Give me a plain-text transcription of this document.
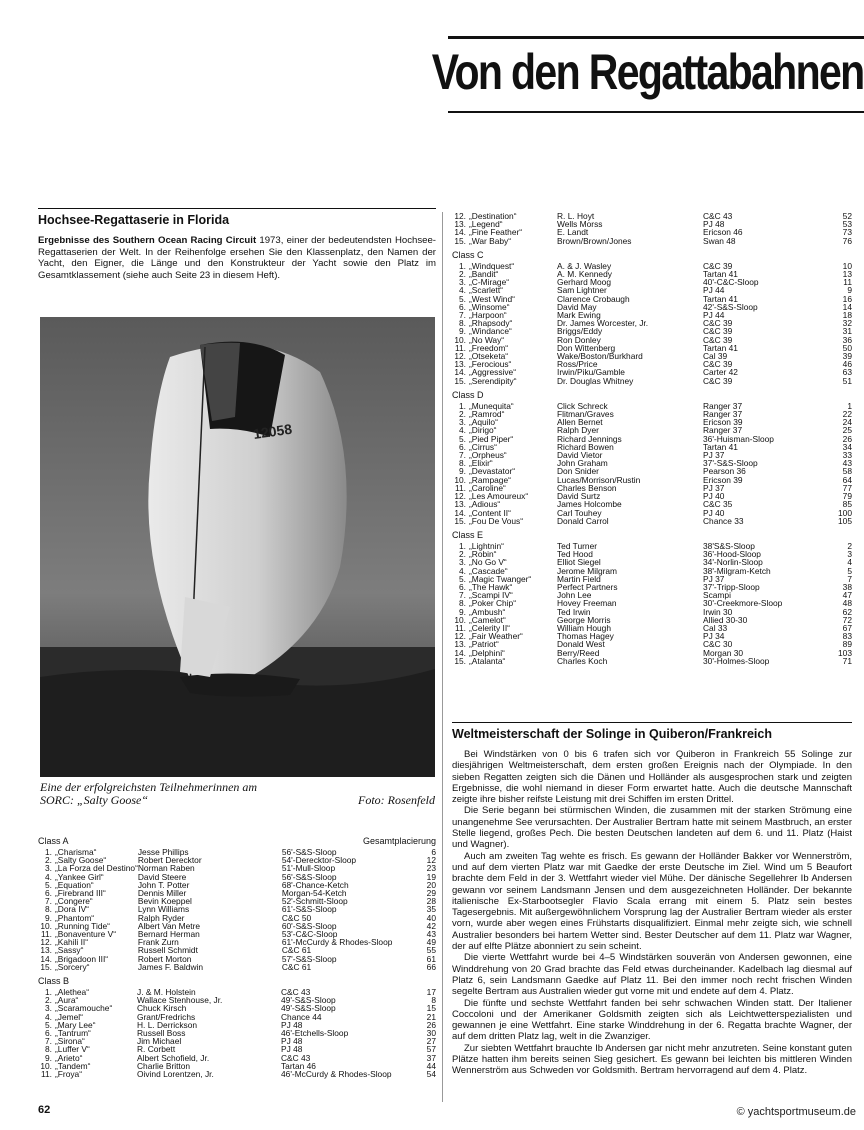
Von den Regattabahnen
Hochsee-Regattaserie in Florida

Ergebnisse des Southern Ocean Racing Circuit 1973, einer der bedeutendsten Hochsee-Regattaserien der Welt. In der Reihenfolge ersehen Sie den Klassenplatz, den Namen der Yacht, den Eigner, die Länge und den Konstrukteur der Yacht sowie den Platz im Gesamtklassement (siehe auch Seite 23 in diesem Heft).

12058
Eine der erfolgreichsten Teilnehmerinnen am SORC: „Salty Goose“	Foto: Rosenfeld
Class A	Gesamtplacierung
1.	„Charisma“	Jesse Phillips	56'-S&S-Sloop	6
2.	„Salty Goose“	Robert Derecktor	54'-Derecktor-Sloop	12
3.	„La Forza del Destino“	Norman Raben	51'-Mull-Sloop	23
4.	„Yankee Girl“	David Steere	56'-S&S-Sloop	19
5.	„Equation“	John T. Potter	68'-Chance-Ketch	20
6.	„Firebrand III“	Dennis Miller	Morgan-54-Ketch	29
7.	„Congere“	Bevin Koeppel	52'-Schmitt-Sloop	28
8.	„Dora IV“	Lynn Williams	61'-S&S-Sloop	35
9.	„Phantom“	Ralph Ryder	C&C 50	40
10.	„Running Tide“	Albert Van Metre	60'-S&S-Sloop	42
11.	„Bonaventure V“	Bernard Herman	53'-C&C-Sloop	43
12.	„Kahili II“	Frank Zurn	61'-McCurdy & Rhodes-Sloop	49
13.	„Sassy“	Russell Schmidt	C&C 61	55
14.	„Brigadoon III“	Robert Morton	57'-S&S-Sloop	61
15.	„Sorcery“	James F. Baldwin	C&C 61	66
Class B
1.	„Alethea“	J. & M. Holstein	C&C 43	17
2.	„Aura“	Wallace Stenhouse, Jr.	49'-S&S-Sloop	8
3.	„Scaramouche“	Chuck Kirsch	49'-S&S-Sloop	15
4.	„Jemel“	Grant/Fredrichs	Chance 44	21
5.	„Mary Lee“	H. L. Derrickson	PJ 48	26
6.	„Tantrum“	Russell Boss	46'-Etchells-Sloop	30
7.	„Sirona“	Jim Michael	PJ 48	27
8.	„Luffer V“	R. Corbett	PJ 48	57
9.	„Arieto“	Albert Schofield, Jr.	C&C 43	37
10.	„Tandem“	Charlie Britton	Tartan 46	44
11.	„Froya“	Oivind Lorentzen, Jr.	46'-McCurdy & Rhodes-Sloop	54
12.	„Destination“	R. L. Hoyt	C&C 43	52
13.	„Legend“	Wells Morss	PJ 48	53
14.	„Fine Feather“	E. Landt	Ericson 46	73
15.	„War Baby“	Brown/Brown/Jones	Swan 48	76
Class C
1.	„Windquest“	A. & J. Wasley	C&C 39	10
2.	„Bandit“	A. M. Kennedy	Tartan 41	13
3.	„C-Mirage“	Gerhard Moog	40'-C&C-Sloop	11
4.	„Scarlett“	Sam Lightner	PJ 44	9
5.	„West Wind“	Clarence Crobaugh	Tartan 41	16
6.	„Winsome“	David May	42'-S&S-Sloop	14
7.	„Harpoon“	Mark Ewing	PJ 44	18
8.	„Rhapsody“	Dr. James Worcester, Jr.	C&C 39	32
9.	„Windance“	Briggs/Eddy	C&C 39	31
10.	„No Way“	Ron Donley	C&C 39	36
11.	„Freedom“	Don Wittenberg	Tartan 41	50
12.	„Otseketa“	Wake/Boston/Burkhard	Cal 39	39
13.	„Ferocious“	Ross/Price	C&C 39	46
14.	„Aggressive“	Irwin/Piku/Gamble	Carter 42	63
15.	„Serendipity“	Dr. Douglas Whitney	C&C 39	51
Class D
1.	„Munequita“	Click Schreck	Ranger 37	1
2.	„Ramrod“	Flitman/Graves	Ranger 37	22
3.	„Aquilo“	Allen Bernet	Ericson 39	24
4.	„Dirigo“	Ralph Dyer	Ranger 37	25
5.	„Pied Piper“	Richard Jennings	36'-Huisman-Sloop	26
6.	„Cirrus“	Richard Bowen	Tartan 41	34
7.	„Orpheus“	David Vietor	PJ 37	33
8.	„Elixir“	John Graham	37'-S&S-Sloop	43
9.	„Devastator“	Don Snider	Pearson 36	58
10.	„Rampage“	Lucas/Morrison/Rustin	Ericson 39	64
11.	„Caroline“	Charles Benson	PJ 37	77
12.	„Les Amoureux“	David Surtz	PJ 40	79
13.	„Adious“	James Holcombe	C&C 35	85
14.	„Content II“	Carl Touhey	PJ 40	100
15.	„Fou De Vous“	Donald Carrol	Chance 33	105
Class E
1.	„Lightnin“	Ted Turner	38'S&S-Sloop	2
2.	„Robin“	Ted Hood	36'-Hood-Sloop	3
3.	„No Go V“	Elliot Siegel	34'-Norlin-Sloop	4
4.	„Cascade“	Jerome Milgram	38'-Milgram-Ketch	5
5.	„Magic Twanger“	Martin Field	PJ 37	7
6.	„The Hawk“	Perfect Partners	37'-Tripp-Sloop	38
7.	„Scampi IV“	John Lee	Scampi	47
8.	„Poker Chip“	Hovey Freeman	30'-Creekmore-Sloop	48
9.	„Ambush“	Ted Irwin	Irwin 30	62
10.	„Camelot“	George Morris	Allied 30-30	72
11.	„Celerity II“	William Hough	Cal 33	67
12.	„Fair Weather“	Thomas Hagey	PJ 34	83
13.	„Patriot“	Donald West	C&C 30	89
14.	„Delphini“	Berry/Reed	Morgan 30	103
15.	„Atalanta“	Charles Koch	30'-Holmes-Sloop	71
Weltmeisterschaft der Solinge in Quiberon/Frankreich

Bei Windstärken von 0 bis 6 trafen sich vor Quiberon in Frankreich 55 Solinge zur diesjährigen Weltmeisterschaft, dem ersten großen Ereignis nach der Olympiade. In den sieben Regatten zeigten sich die Dänen und Holländer als ausgesprochen stark und zeigten Ergebnisse, die wohl niemand in dieser Form erwartet hatte. Auch die deutsche Mannschaft zeigte ihre bisher reifste Leistung mit drei Schiffen im ersten Drittel.

Die Serie begann bei stürmischen Winden, die zusammen mit der starken Strömung eine unangenehme See verursachten. Der Australier Bertram hatte mit seinem Mastbruch, an erster Stelle liegend, großes Pech. Die besten Deutschen landeten auf dem 6. und 11. Platz (Haist und Wagner).

Auch am zweiten Tag wehte es frisch. Es gewann der Holländer Bakker vor Wennerström, und auf dem vierten Platz war mit Gaedke der erste Deutsche im Ziel. Wind um 5 Beaufort brachte dem Feld in der 3. Wettfahrt wieder viel Mühe. Der dänische Segellehrer Ib Andersen gewann vor seinem Landsmann Jensen und dem ausgezeichneten Holländer. Der bekannte italienische Ex-Starbootsegler Flavio Scala errang mit einem 5. Platz sein bestes Tagesergebnis. Mit außergewöhnlichem Vorsprung lag der Australier Bertram wieder als erster vorn, wurde aber wegen eines Frühstarts disqualifiziert. Einmal mehr zeigte sich, wie schnell Australier besonders bei hartem Wetter sind. Bester Deutscher auf dem 11. Platz war Wagner, der auf elfte Plätze abonniert zu sein scheint.

Die vierte Wettfahrt wurde bei 4–5 Windstärken souverän von Andersen gewonnen, eine Winddrehung von 20 Grad brachte das Feld etwas durcheinander. Kadelbach lag diesmal auf Platz 6, sein Landsmann Gaedke auf Platz 11. Bei den immer noch recht frischen Winden segelte Bertram aus Australien wieder gut vorne mit und endete auf dem 4. Platz.

Die fünfte und sechste Wettfahrt fanden bei sehr schwachen Winden statt. Der Italiener Coccoloni und der Amerikaner Goldsmith zeigten sich als Leichtwetterspezialisten und gewannen je eine Wettfahrt. Eine starke Winddrehung in der 6. Regatta brachte Wagner, der auf dem dritten Platz lag, welt in die Zwanziger.

Zur siebten Wettfahrt brauchte Ib Andersen gar nicht mehr anzutreten. Seine konstant guten Plätze hatten ihm bereits seinen Sieg gesichert. Es gewann bei leichten bis mittleren Winden Wennerström aus Schweden vor Goldsmith. Bertram hervorragend auf dem 4. Platz.

62	© yachtsportmuseum.de
